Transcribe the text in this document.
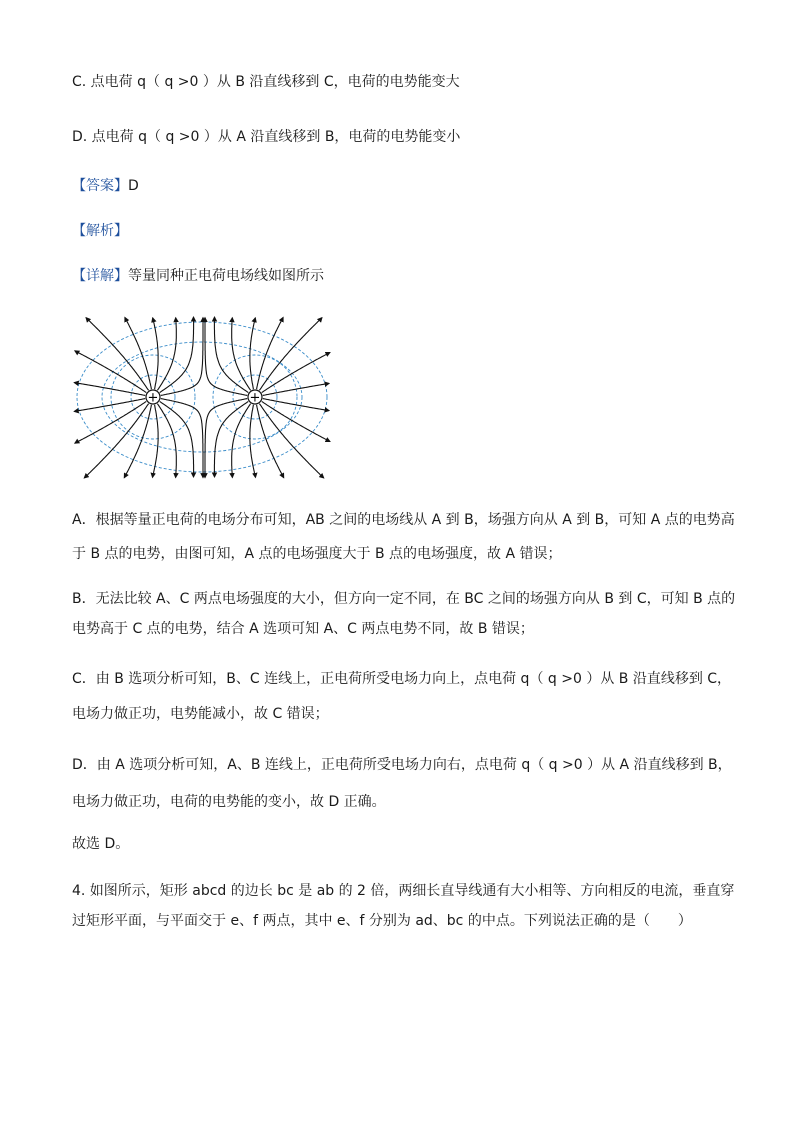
C. 点电荷 q（ q >0 ）从 B 沿直线移到 C，电荷的电势能变大
D. 点电荷 q（ q >0 ）从 A 沿直线移到 B，电荷的电势能变小
【答案】D
【解析】
【详解】等量同种正电荷电场线如图所示
+	+
A．根据等量正电荷的电场分布可知，AB 之间的电场线从 A 到 B，场强方向从 A 到 B，可知 A 点的电势高
于 B 点的电势，由图可知，A 点的电场强度大于 B 点的电场强度，故 A 错误；
B．无法比较 A、C 两点电场强度的大小，但方向一定不同，在 BC 之间的场强方向从 B 到 C，可知 B 点的
电势高于 C 点的电势，结合 A 选项可知 A、C 两点电势不同，故 B 错误；
C．由 B 选项分析可知，B、C 连线上，正电荷所受电场力向上，点电荷 q（ q >0 ）从 B 沿直线移到 C，
电场力做正功，电势能减小，故 C 错误；
D．由 A 选项分析可知，A、B 连线上，正电荷所受电场力向右，点电荷 q（ q >0 ）从 A 沿直线移到 B，
电场力做正功，电荷的电势能的变小，故 D 正确。
故选 D。
4. 如图所示，矩形 abcd 的边长 bc 是 ab 的 2 倍，两细长直导线通有大小相等、方向相反的电流，垂直穿
过矩形平面，与平面交于 e、f 两点，其中 e、f 分别为 ad、bc 的中点。下列说法正确的是（　　）
